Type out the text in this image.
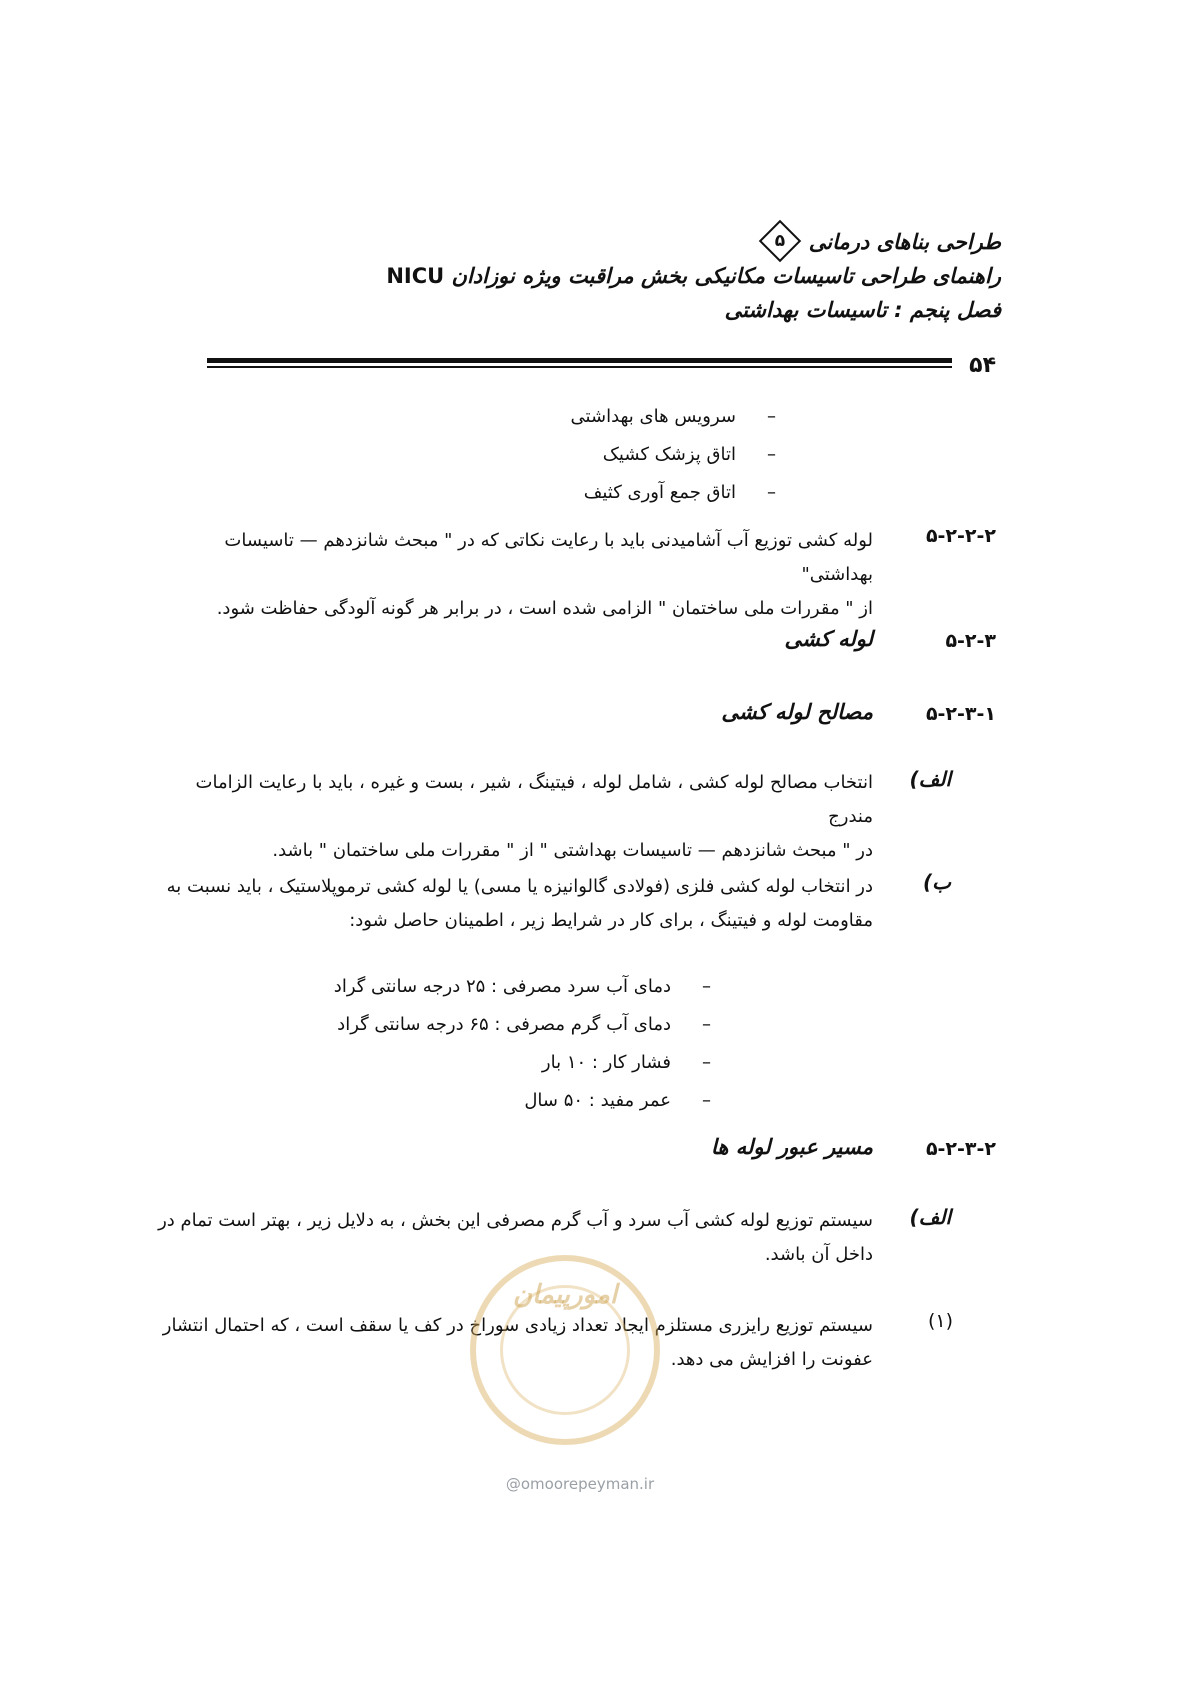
طراحی بناهای درمانی
۵
راهنمای طراحی تاسیسات مکانیکی بخش مراقبت ویژه نوزادان NICU
فصل پنجم : تاسیسات بهداشتی
۵۴
–
سرویس های بهداشتی
–
اتاق پزشک کشیک
–
اتاق جمع آوری کثیف
۵-۲-۲-۲
لوله کشی توزیع آب آشامیدنی باید با رعایت نکاتی که در " مبحث شانزدهم — تاسیسات بهداشتی"
از " مقررات ملی ساختمان " الزامی شده است ، در برابر هر گونه آلودگی حفاظت شود.
۵-۲-۳
لوله کشی
۵-۲-۳-۱
مصالح لوله کشی
الف)
انتخاب مصالح لوله کشی ، شامل لوله ، فیتینگ ، شیر ، بست و غیره ، باید با رعایت الزامات مندرج
در " مبحث شانزدهم — تاسیسات بهداشتی " از " مقررات ملی ساختمان " باشد.
ب)
در انتخاب لوله کشی فلزی (فولادی گالوانیزه یا مسی) یا لوله کشی ترموپلاستیک ، باید نسبت به
مقاومت لوله و فیتینگ ، برای کار در شرایط زیر ، اطمینان حاصل شود:
–
دمای آب سرد مصرفی : ۲۵ درجه سانتی گراد
–
دمای آب گرم مصرفی : ۶۵ درجه سانتی گراد
–
فشار کار : ۱۰ بار
–
عمر مفید : ۵۰ سال
۵-۲-۳-۲
مسیر عبور لوله ها
الف)
سیستم توزیع لوله کشی آب سرد و آب گرم مصرفی این بخش ، به دلایل زیر ، بهتر است تمام در
داخل آن باشد.
(۱)
سیستم توزیع رایزری مستلزم ایجاد تعداد زیادی سوراخ در کف یا سقف است ، که احتمال انتشار
عفونت را افزایش می دهد.
امورپیمان
@omoorepeyman.ir
